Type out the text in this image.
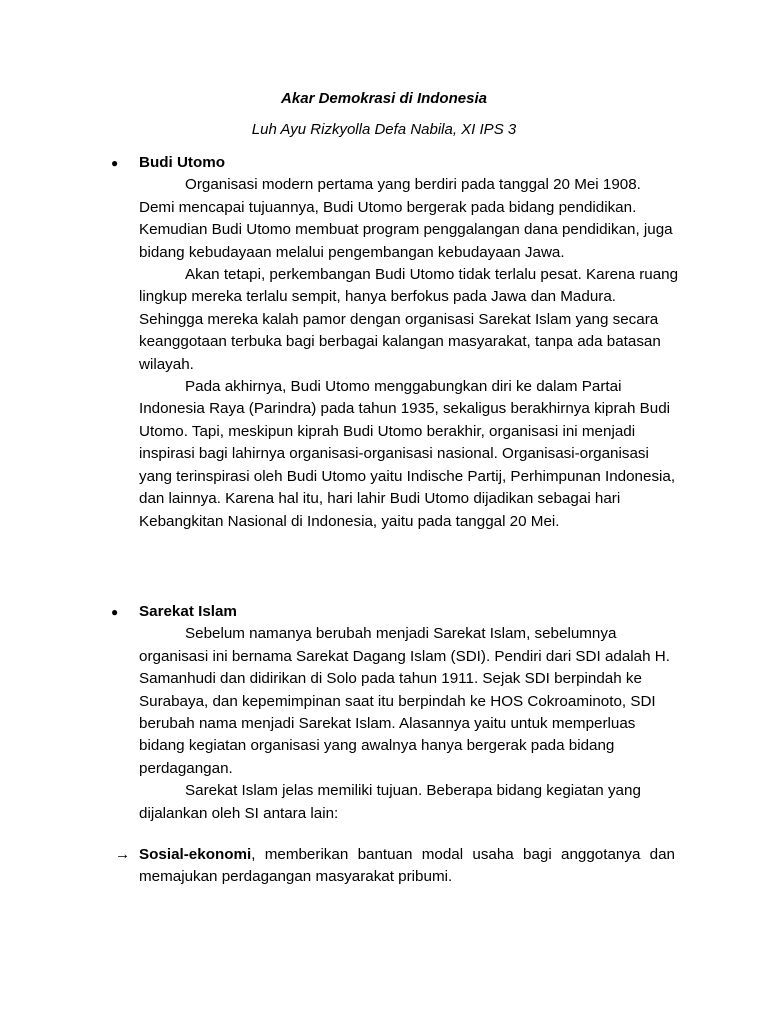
Akar Demokrasi di Indonesia
Luh Ayu Rizkyolla Defa Nabila, XI IPS 3
● Budi Utomo

Organisasi modern pertama yang berdiri pada tanggal 20 Mei 1908. Demi mencapai tujuannya, Budi Utomo bergerak pada bidang pendidikan. Kemudian Budi Utomo membuat program penggalangan dana pendidikan, juga bidang kebudayaan melalui pengembangan kebudayaan Jawa.

Akan tetapi, perkembangan Budi Utomo tidak terlalu pesat. Karena ruang lingkup mereka terlalu sempit, hanya berfokus pada Jawa dan Madura. Sehingga mereka kalah pamor dengan organisasi Sarekat Islam yang secara keanggotaan terbuka bagi berbagai kalangan masyarakat, tanpa ada batasan wilayah.

Pada akhirnya, Budi Utomo menggabungkan diri ke dalam Partai Indonesia Raya (Parindra) pada tahun 1935, sekaligus berakhirnya kiprah Budi Utomo. Tapi, meskipun kiprah Budi Utomo berakhir, organisasi ini menjadi inspirasi bagi lahirnya organisasi-organisasi nasional. Organisasi-organisasi yang terinspirasi oleh Budi Utomo yaitu Indische Partij, Perhimpunan Indonesia, dan lainnya. Karena hal itu, hari lahir Budi Utomo dijadikan sebagai hari Kebangkitan Nasional di Indonesia, yaitu pada tanggal 20 Mei.

● Sarekat Islam

Sebelum namanya berubah menjadi Sarekat Islam, sebelumnya organisasi ini bernama Sarekat Dagang Islam (SDI). Pendiri dari SDI adalah H. Samanhudi dan didirikan di Solo pada tahun 1911. Sejak SDI berpindah ke Surabaya, dan kepemimpinan saat itu berpindah ke HOS Cokroaminoto, SDI berubah nama menjadi Sarekat Islam. Alasannya yaitu untuk memperluas bidang kegiatan organisasi yang awalnya hanya bergerak pada bidang perdagangan.

Sarekat Islam jelas memiliki tujuan. Beberapa bidang kegiatan yang dijalankan oleh SI antara lain:

→ Sosial-ekonomi, memberikan bantuan modal usaha bagi anggotanya dan memajukan perdagangan masyarakat pribumi.
